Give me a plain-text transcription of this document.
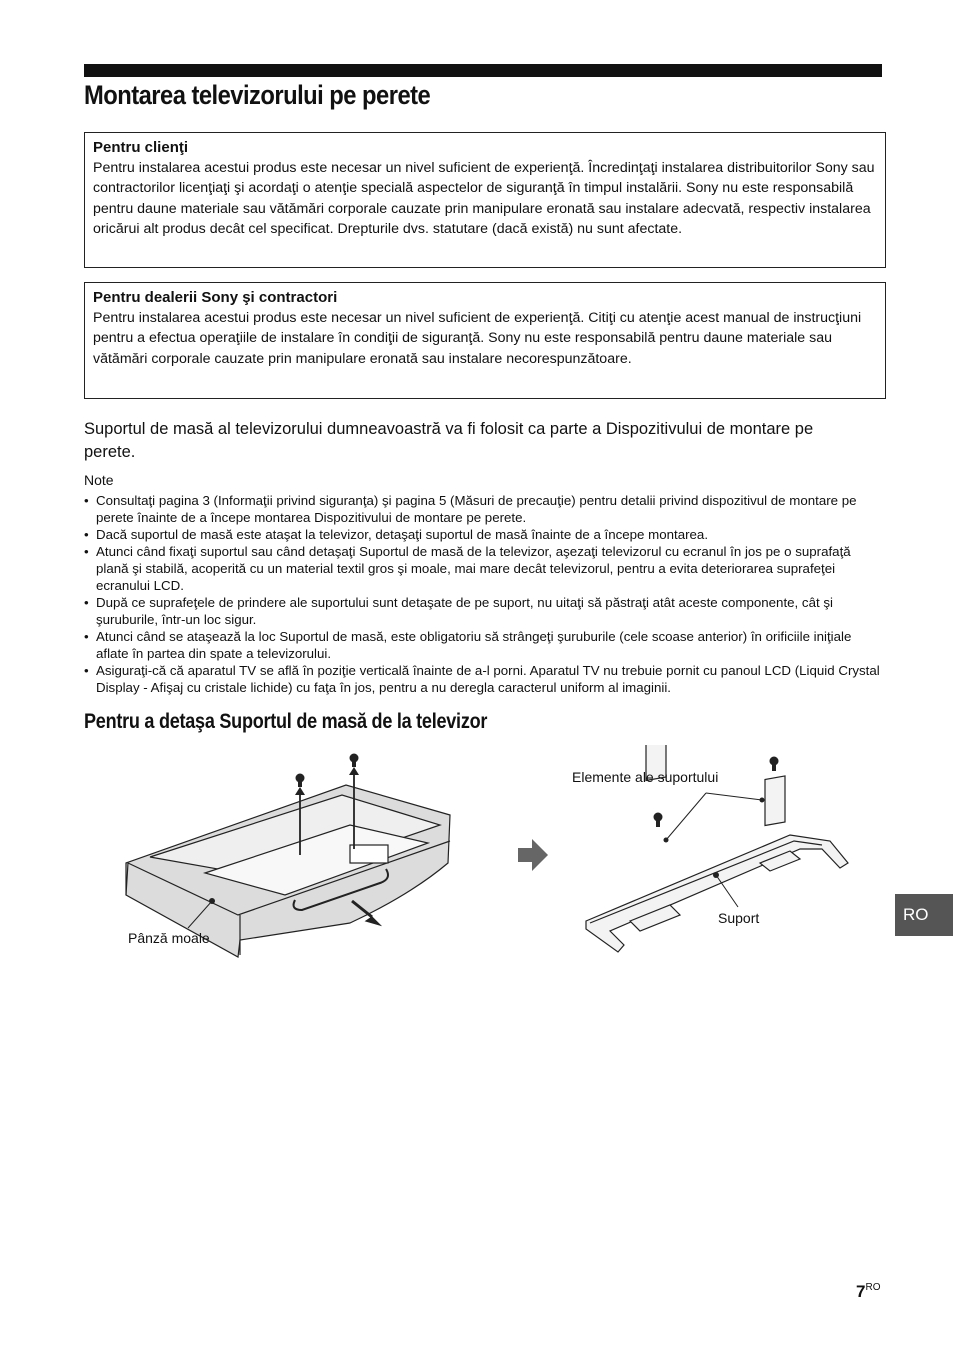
Montarea televizorului pe perete

Pentru clienţi

Pentru instalarea acestui produs este necesar un nivel suficient de experienţă. Încredinţaţi instalarea distribuitorilor Sony sau contractorilor licenţiaţi şi acordaţi o atenţie specială aspectelor de siguranţă în timpul instalării. Sony nu este responsabilă pentru daune materiale sau vătămări corporale cauzate prin manipulare eronată sau instalare adecvată, respectiv instalarea oricărui alt produs decât cel specificat. Drepturile dvs. statutare (dacă există) nu sunt afectate.

Pentru dealerii Sony şi contractori

Pentru instalarea acestui produs este necesar un nivel suficient de experienţă. Citiţi cu atenţie acest manual de instrucţiuni pentru a efectua operaţiile de instalare în condiţii de siguranţă. Sony nu este responsabilă pentru daune materiale sau vătămări corporale cauzate prin manipulare eronată sau instalare necorespunzătoare.

Suportul de masă al televizorului dumneavoastră va fi folosit ca parte a Dispozitivului de montare pe perete.

Note

• Consultaţi pagina 3 (Informaţii privind siguranţa) şi pagina 5 (Măsuri de precauţie) pentru detalii privind dispozitivul de montare pe perete înainte de a începe montarea Dispozitivului de montare pe perete.
• Dacă suportul de masă este ataşat la televizor, detaşaţi suportul de masă înainte de a începe montarea.
• Atunci când fixaţi suportul sau când detaşaţi Suportul de masă de la televizor, aşezaţi televizorul cu ecranul în jos pe o suprafaţă plană şi stabilă, acoperită cu un material textil gros şi moale, mai mare decât televizorul, pentru a evita deteriorarea suprafeţei ecranului LCD.
• După ce suprafeţele de prindere ale suportului sunt detaşate de pe suport, nu uitaţi să păstraţi atât aceste componente, cât şi şuruburile, într-un loc sigur.
• Atunci când se ataşează la loc Suportul de masă, este obligatoriu să strângeţi şuruburile (cele scoase anterior) în orificiile iniţiale aflate în partea din spate a televizorului.
• Asiguraţi-că că aparatul TV se află în poziţie verticală înainte de a-l porni. Aparatul TV nu trebuie pornit cu panoul LCD (Liquid Crystal Display - Afişaj cu cristale lichide) cu faţa în jos, pentru a nu deregla caracterul uniform al imaginii.
Pentru a detaşa Suportul de masă de la televizor
Pânză moale
Elemente ale suportului
Suport	RO
$7^{RO}$
